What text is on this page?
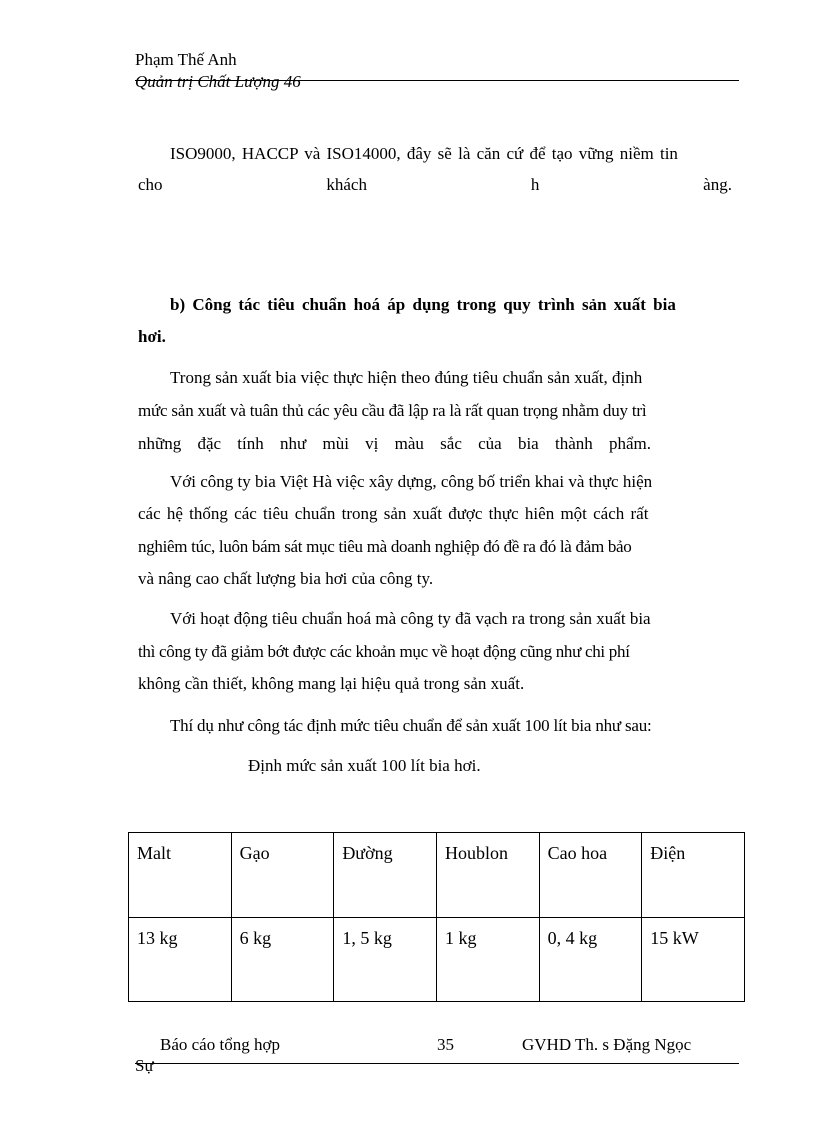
Phạm Thế Anh
Quản trị Chất Lượng 46
ISO9000, HACCP và ISO14000, đây sẽ là căn cứ để tạo vững niềm tin
cho	khách	h	àng.
b) Công tác tiêu chuẩn hoá áp dụng trong quy trình sản xuất bia
hơi.
Trong sản xuất bia việc thực hiện theo đúng tiêu chuẩn sản xuất, định
mức sản xuất và tuân thủ các yêu cầu đã lập ra là rất quan trọng nhằm duy trì
những đặc tính như mùi vị màu sắc của bia thành phẩm.
Với công ty bia Việt Hà việc xây dựng, công bố triển khai và thực hiện
các hệ thống các tiêu chuẩn trong sản xuất được thực hiên một cách rất
nghiêm túc, luôn bám sát mục tiêu mà doanh nghiệp đó đề ra đó là đảm bảo
và nâng cao chất lượng bia hơi của công ty.
Với hoạt động tiêu chuẩn hoá mà công ty đã vạch ra trong sản xuất bia
thì công ty đã giảm bớt được các khoản mục về hoạt động cũng như chi phí
không cần thiết, không mang lại hiệu quả trong sản xuất.
Thí dụ như công tác định mức tiêu chuẩn để sản xuất 100 lít bia như sau:
Định mức sản xuất 100 lít bia hơi.
Malt	Gạo	Đường	Houblon	Cao hoa	Điện
13 kg	6 kg	1, 5 kg	1 kg	0, 4 kg	15 kW
Báo cáo tổng hợp	35	GVHD Th. s Đặng Ngọc
Sự
